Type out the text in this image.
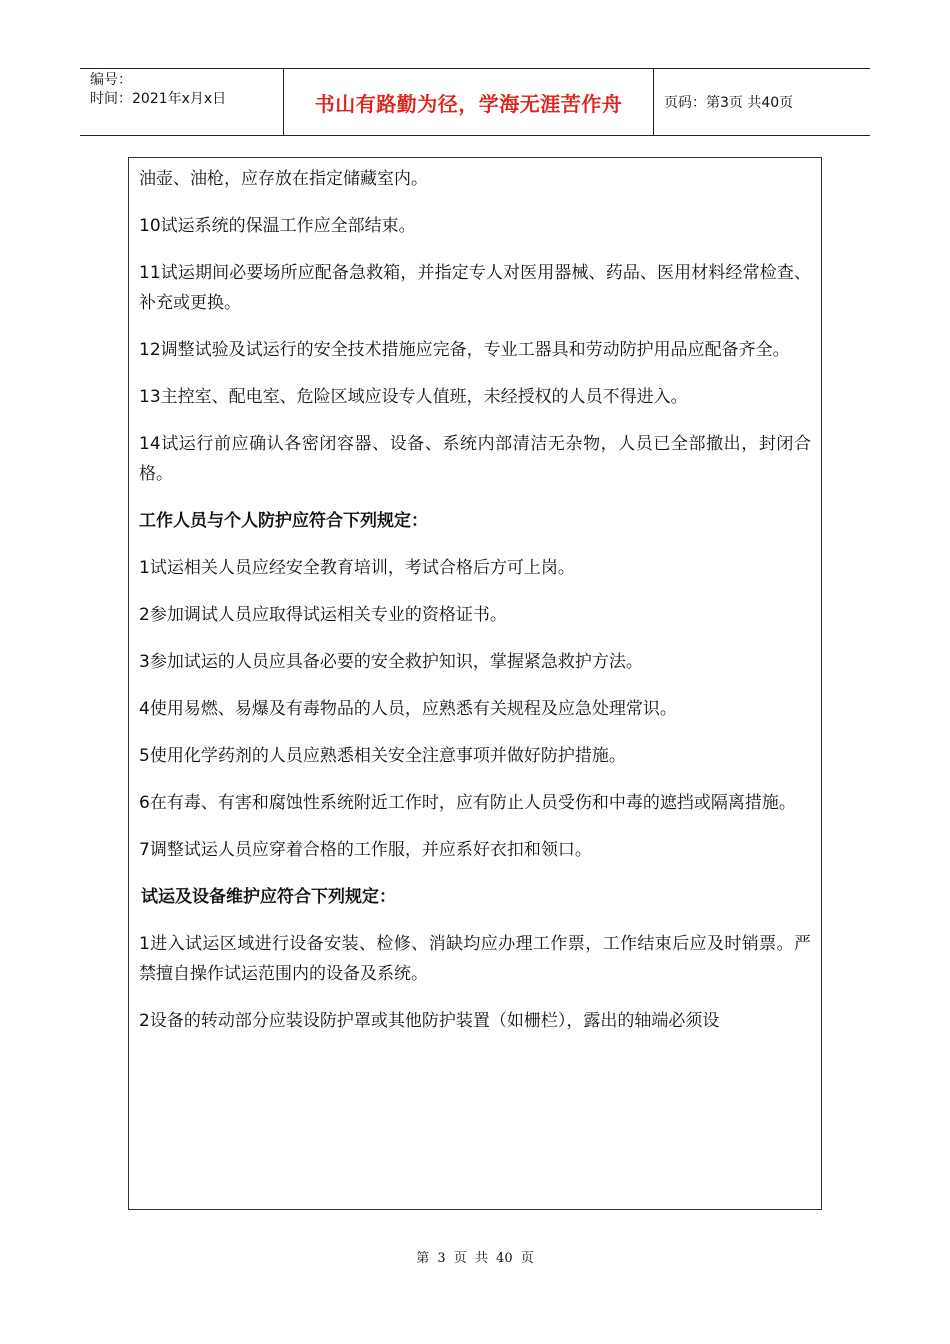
编号：
时间：2021年x月x日	书山有路勤为径，学海无涯苦作舟	页码：第3页 共40页

油壶、油枪，应存放在指定储藏室内。

10试运系统的保温工作应全部结束。

11试运期间必要场所应配备急救箱，并指定专人对医用器械、药品、医用材料经常检查、补充或更换。

12调整试验及试运行的安全技术措施应完备，专业工器具和劳动防护用品应配备齐全。

13主控室、配电室、危险区域应设专人值班，未经授权的人员不得进入。

14试运行前应确认各密闭容器、设备、系统内部清洁无杂物，人员已全部撤出，封闭合格。

工作人员与个人防护应符合下列规定：

1试运相关人员应经安全教育培训，考试合格后方可上岗。

2参加调试人员应取得试运相关专业的资格证书。

3参加试运的人员应具备必要的安全救护知识，掌握紧急救护方法。

4使用易燃、易爆及有毒物品的人员，应熟悉有关规程及应急处理常识。

5使用化学药剂的人员应熟悉相关安全注意事项并做好防护措施。

6在有毒、有害和腐蚀性系统附近工作时，应有防止人员受伤和中毒的遮挡或隔离措施。

7调整试运人员应穿着合格的工作服，并应系好衣扣和领口。

试运及设备维护应符合下列规定：

1进入试运区域进行设备安装、检修、消缺均应办理工作票，工作结束后应及时销票。严禁擅自操作试运范围内的设备及系统。

2设备的转动部分应装设防护罩或其他防护装置（如栅栏），露出的轴端必须设

第 3 页 共 40 页
